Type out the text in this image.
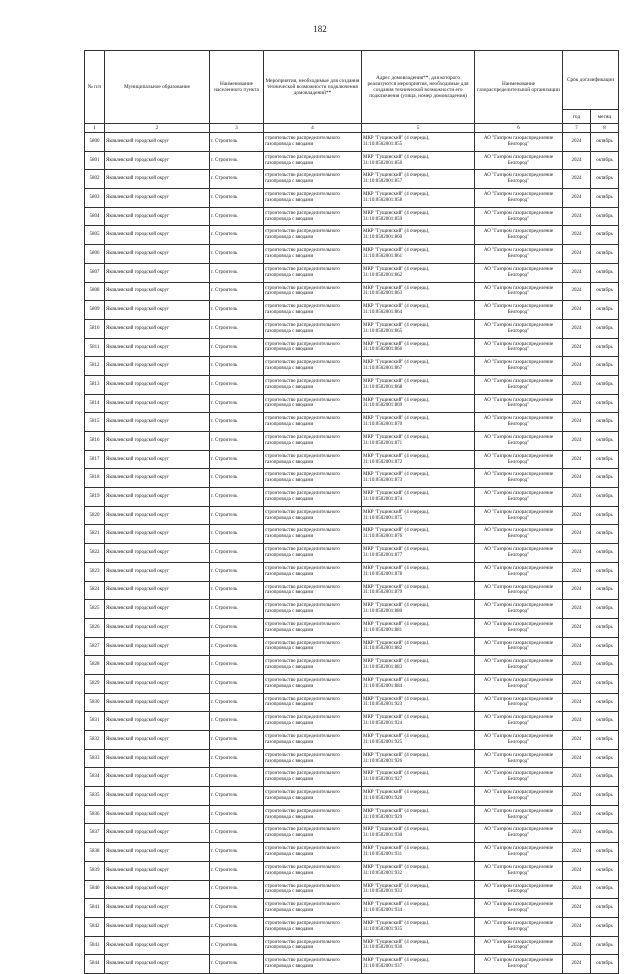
182
№ п/п	Муниципальное образование	Наименование населенного пункта	Мероприятия, необходимые для создания технической возможности подключения домовладений**	Адрес домовладения**, для которого реализуются мероприятия, необходимые для создания технической возможности его подключения (улица, номер домовладения)	Наименование газораспределительной организации	Срок догазификации	
						год	месяц
1	2	3	4	5	6	7	8
5800	Яковлевский городской округ	г. Строитель	строительство распределительного газопровода с вводами	МКР "Гущинский" (4 очередь),
31:10:0502001:855	АО "Газпром газораспределение Белгород"	2024	октябрь
5801	Яковлевский городской округ	г. Строитель	строительство распределительного газопровода с вводами	МКР "Гущинский" (4 очередь),
31:10:0502001:856	АО "Газпром газораспределение Белгород"	2024	октябрь
5802	Яковлевский городской округ	г. Строитель	строительство распределительного газопровода с вводами	МКР "Гущинский" (4 очередь),
31:10:0502001:857	АО "Газпром газораспределение Белгород"	2024	октябрь
5803	Яковлевский городской округ	г. Строитель	строительство распределительного газопровода с вводами	МКР "Гущинский" (4 очередь),
31:10:0502001:858	АО "Газпром газораспределение Белгород"	2024	октябрь
5804	Яковлевский городской округ	г. Строитель	строительство распределительного газопровода с вводами	МКР "Гущинский" (4 очередь),
31:10:0502001:859	АО "Газпром газораспределение Белгород"	2024	октябрь
5805	Яковлевский городской округ	г. Строитель	строительство распределительного газопровода с вводами	МКР "Гущинский" (4 очередь),
31:10:0502001:860	АО "Газпром газораспределение Белгород"	2024	октябрь
5806	Яковлевский городской округ	г. Строитель	строительство распределительного газопровода с вводами	МКР "Гущинский" (4 очередь),
31:10:0502001:861	АО "Газпром газораспределение Белгород"	2024	октябрь
5807	Яковлевский городской округ	г. Строитель	строительство распределительного газопровода с вводами	МКР "Гущинский" (4 очередь),
31:10:0502001:862	АО "Газпром газораспределение Белгород"	2024	октябрь
5808	Яковлевский городской округ	г. Строитель	строительство распределительного газопровода с вводами	МКР "Гущинский" (4 очередь),
31:10:0502001:863	АО "Газпром газораспределение Белгород"	2024	октябрь
5809	Яковлевский городской округ	г. Строитель	строительство распределительного газопровода с вводами	МКР "Гущинский" (4 очередь),
31:10:0502001:864	АО "Газпром газораспределение Белгород"	2024	октябрь
5810	Яковлевский городской округ	г. Строитель	строительство распределительного газопровода с вводами	МКР "Гущинский" (4 очередь),
31:10:0502001:865	АО "Газпром газораспределение Белгород"	2024	октябрь
5811	Яковлевский городской округ	г. Строитель	строительство распределительного газопровода с вводами	МКР "Гущинский" (4 очередь),
31:10:0502001:866	АО "Газпром газораспределение Белгород"	2024	октябрь
5812	Яковлевский городской округ	г. Строитель	строительство распределительного газопровода с вводами	МКР "Гущинский" (4 очередь),
31:10:0502001:867	АО "Газпром газораспределение Белгород"	2024	октябрь
5813	Яковлевский городской округ	г. Строитель	строительство распределительного газопровода с вводами	МКР "Гущинский" (4 очередь),
31:10:0502001:868	АО "Газпром газораспределение Белгород"	2024	октябрь
5814	Яковлевский городской округ	г. Строитель	строительство распределительного газопровода с вводами	МКР "Гущинский" (4 очередь),
31:10:0502001:869	АО "Газпром газораспределение Белгород"	2024	октябрь
5815	Яковлевский городской округ	г. Строитель	строительство распределительного газопровода с вводами	МКР "Гущинский" (4 очередь),
31:10:0502001:870	АО "Газпром газораспределение Белгород"	2024	октябрь
5816	Яковлевский городской округ	г. Строитель	строительство распределительного газопровода с вводами	МКР "Гущинский" (4 очередь),
31:10:0502001:871	АО "Газпром газораспределение Белгород"	2024	октябрь
5817	Яковлевский городской округ	г. Строитель	строительство распределительного газопровода с вводами	МКР "Гущинский" (4 очередь),
31:10:0502001:872	АО "Газпром газораспределение Белгород"	2024	октябрь
5818	Яковлевский городской округ	г. Строитель	строительство распределительного газопровода с вводами	МКР "Гущинский" (4 очередь),
31:10:0502001:873	АО "Газпром газораспределение Белгород"	2024	октябрь
5819	Яковлевский городской округ	г. Строитель	строительство распределительного газопровода с вводами	МКР "Гущинский" (4 очередь),
31:10:0502001:874	АО "Газпром газораспределение Белгород"	2024	октябрь
5820	Яковлевский городской округ	г. Строитель	строительство распределительного газопровода с вводами	МКР "Гущинский" (4 очередь),
31:10:0502001:875	АО "Газпром газораспределение Белгород"	2024	октябрь
5821	Яковлевский городской округ	г. Строитель	строительство распределительного газопровода с вводами	МКР "Гущинский" (4 очередь),
31:10:0502001:876	АО "Газпром газораспределение Белгород"	2024	октябрь
5822	Яковлевский городской округ	г. Строитель	строительство распределительного газопровода с вводами	МКР "Гущинский" (4 очередь),
31:10:0502001:877	АО "Газпром газораспределение Белгород"	2024	октябрь
5823	Яковлевский городской округ	г. Строитель	строительство распределительного газопровода с вводами	МКР "Гущинский" (4 очередь),
31:10:0502001:878	АО "Газпром газораспределение Белгород"	2024	октябрь
5824	Яковлевский городской округ	г. Строитель	строительство распределительного газопровода с вводами	МКР "Гущинский" (4 очередь),
31:10:0502001:879	АО "Газпром газораспределение Белгород"	2024	октябрь
5825	Яковлевский городской округ	г. Строитель	строительство распределительного газопровода с вводами	МКР "Гущинский" (4 очередь),
31:10:0502001:880	АО "Газпром газораспределение Белгород"	2024	октябрь
5826	Яковлевский городской округ	г. Строитель	строительство распределительного газопровода с вводами	МКР "Гущинский" (4 очередь),
31:10:0502001:881	АО "Газпром газораспределение Белгород"	2024	октябрь
5827	Яковлевский городской округ	г. Строитель	строительство распределительного газопровода с вводами	МКР "Гущинский" (4 очередь),
31:10:0502001:882	АО "Газпром газораспределение Белгород"	2024	октябрь
5828	Яковлевский городской округ	г. Строитель	строительство распределительного газопровода с вводами	МКР "Гущинский" (4 очередь),
31:10:0502001:883	АО "Газпром газораспределение Белгород"	2024	октябрь
5829	Яковлевский городской округ	г. Строитель	строительство распределительного газопровода с вводами	МКР "Гущинский" (4 очередь),
31:10:0502001:884	АО "Газпром газораспределение Белгород"	2024	октябрь
5830	Яковлевский городской округ	г. Строитель	строительство распределительного газопровода с вводами	МКР "Гущинский" (4 очередь),
31:10:0502001:923	АО "Газпром газораспределение Белгород"	2024	октябрь
5831	Яковлевский городской округ	г. Строитель	строительство распределительного газопровода с вводами	МКР "Гущинский" (4 очередь),
31:10:0502001:924	АО "Газпром газораспределение Белгород"	2024	октябрь
5832	Яковлевский городской округ	г. Строитель	строительство распределительного газопровода с вводами	МКР "Гущинский" (4 очередь),
31:10:0502001:925	АО "Газпром газораспределение Белгород"	2024	октябрь
5833	Яковлевский городской округ	г. Строитель	строительство распределительного газопровода с вводами	МКР "Гущинский" (4 очередь),
31:10:0502001:926	АО "Газпром газораспределение Белгород"	2024	октябрь
5834	Яковлевский городской округ	г. Строитель	строительство распределительного газопровода с вводами	МКР "Гущинский" (4 очередь),
31:10:0502001:927	АО "Газпром газораспределение Белгород"	2024	октябрь
5835	Яковлевский городской округ	г. Строитель	строительство распределительного газопровода с вводами	МКР "Гущинский" (4 очередь),
31:10:0502001:928	АО "Газпром газораспределение Белгород"	2024	октябрь
5836	Яковлевский городской округ	г. Строитель	строительство распределительного газопровода с вводами	МКР "Гущинский" (4 очередь),
31:10:0502001:929	АО "Газпром газораспределение Белгород"	2024	октябрь
5837	Яковлевский городской округ	г. Строитель	строительство распределительного газопровода с вводами	МКР "Гущинский" (4 очередь),
31:10:0502001:930	АО "Газпром газораспределение Белгород"	2024	октябрь
5838	Яковлевский городской округ	г. Строитель	строительство распределительного газопровода с вводами	МКР "Гущинский" (4 очередь),
31:10:0502001:931	АО "Газпром газораспределение Белгород"	2024	октябрь
5839	Яковлевский городской округ	г. Строитель	строительство распределительного газопровода с вводами	МКР "Гущинский" (4 очередь),
31:10:0502001:932	АО "Газпром газораспределение Белгород"	2024	октябрь
5840	Яковлевский городской округ	г. Строитель	строительство распределительного газопровода с вводами	МКР "Гущинский" (4 очередь),
31:10:0502001:933	АО "Газпром газораспределение Белгород"	2024	октябрь
5841	Яковлевский городской округ	г. Строитель	строительство распределительного газопровода с вводами	МКР "Гущинский" (4 очередь),
31:10:0502001:934	АО "Газпром газораспределение Белгород"	2024	октябрь
5842	Яковлевский городской округ	г. Строитель	строительство распределительного газопровода с вводами	МКР "Гущинский" (4 очередь),
31:10:0502001:935	АО "Газпром газораспределение Белгород"	2024	октябрь
5843	Яковлевский городской округ	г. Строитель	строительство распределительного газопровода с вводами	МКР "Гущинский" (4 очередь),
31:10:0502001:936	АО "Газпром газораспределение Белгород"	2024	октябрь
5844	Яковлевский городской округ	г. Строитель	строительство распределительного газопровода с вводами	МКР "Гущинский" (4 очередь),
31:10:0502001:937	АО "Газпром газораспределение Белгород"	2024	октябрь
